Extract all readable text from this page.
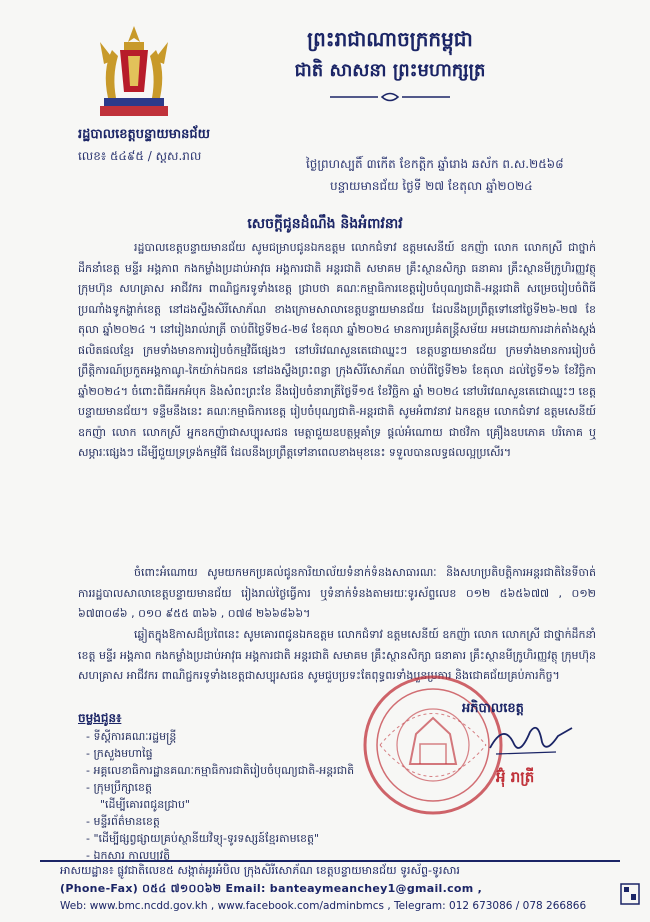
ព្រះរាជាណាចក្រកម្ពុជា
ជាតិ សាសនា ព្រះមហាក្សត្រ
រដ្ឋបាលខេត្តបន្ទាយមានជ័យ
លេខ៖ ៥៤៩៥ / ស្តស.រាល
ថ្ងៃព្រហស្បតិ៍ ៣កើត ខែកត្តិក ឆ្នាំរោង ឆស័ក ព.ស.២៥៦៨
បន្ទាយមានជ័យ ថ្ងៃទី ២៧ ខែតុលា ឆ្នាំ២០២៤
សេចក្តីជូនដំណឹង និងអំពាវនាវ
រដ្ឋបាលខេត្តបន្ទាយមានជ័យ សូមជម្រាបជូនឯកឧត្តម លោកជំទាវ ឧត្តមសេនីយ៍ ឧកញ៉ា លោក លោកស្រី ជាថ្នាក់ដឹកនាំខេត្ត មន្ទីរ អង្គភាព កងកម្លាំងប្រដាប់អាវុធ អង្គការជាតិ អន្តរជាតិ សមាគម គ្រឹះស្ថានសិក្សា ធនាគារ គ្រឹះស្ថានមីក្រូហិរញ្ញវត្ថុ ក្រុមហ៊ុន សហគ្រាស អាជីវករ ពាណិជ្ជករទូទាំងខេត្ត ជ្រាបថា គណៈកម្មាធិការខេត្តរៀបចំបុណ្យជាតិ-អន្តរជាតិ សម្រេចរៀបចំពិធីប្រណាំងទូកង្ហាក់ខេត្ត នៅដងស្ទឹងសិរីសោភ័ណ ខាងក្រោមសាលាខេត្តបន្ទាយមានជ័យ ដែលនឹងប្រព្រឹត្តទៅនៅថ្ងៃទី២៦-២៧ ខែតុលា ឆ្នាំ២០២៤ ។ នៅរៀងរាល់រាត្រី ចាប់ពីថ្ងៃទី២៤-២៨ ខែតុលា ឆ្នាំ២០២៤ មានការប្រគំតន្ត្រីសម័យ អមដោយការដាក់តាំងស្តង់ផលិតផលខ្មែរ ក្រមទាំងមានការរៀបចំកម្មវិធីផ្សេងៗ នៅបរិវេណសួនតេជោឈ្នះៗ ខេត្តបន្ទាយមានជ័យ ក្រមទាំងមានការរៀបចំព្រឹត្តិការណ៍ប្រកួតអង្គកាណូ-កៃយ៉ាក់ឯកជន នៅដងស្ទឹងព្រះពន្លា ក្រុងសិរីសោភ័ណ ចាប់ពីថ្ងៃទី២៦ ខែតុលា ដល់ថ្ងៃទី១៦ ខែវិច្ឆិកា ឆ្នាំ២០២៤។ ចំពោះពិធីអកអំបុក និងសំពះព្រះខែ នឹងរៀបចំនារាត្រីថ្ងៃទី១៥ ខែវិច្ឆិកា ឆ្នាំ ២០២៤ នៅបរិវេណសួនតេជោឈ្នះៗ ខេត្តបន្ទាយមានជ័យ។ ទន្ទឹមនឹងនេះ គណៈកម្មាធិការខេត្ត រៀបចំបុណ្យជាតិ-អន្តរជាតិ សូមអំពាវនាវ ឯកឧត្តម លោកជំទាវ ឧត្តមសេនីយ៍ ឧកញ៉ា លោក លោកស្រី អ្នកឧកញ៉ាជាសប្បុរសជន មេត្តាជួយឧបត្ថម្ភគាំទ្រ ផ្តល់អំណោយ ជាថវិកា គ្រឿងឧបភោគ បរិភោគ ឬសម្ភារៈផ្សេងៗ ដើម្បីជួយទ្រទ្រង់កម្មវិធី ដែលនឹងប្រព្រឹត្តទៅនាពេលខាងមុខនេះ ទទួលបានលទ្ធផលល្អប្រសើរ។
ចំពោះអំណោយ សូមយកមកប្រគល់ជូនការិយាល័យទំនាក់ទំនងសាធារណៈ និងសហប្រតិបត្តិការអន្តរជាតិនៃទីចាត់ការរដ្ឋបាលសាលាខេត្តបន្ទាយមានជ័យ រៀងរាល់ថ្ងៃធ្វើការ ឬទំនាក់ទំនងតាមរយៈទូរស័ព្ទលេខ ០១២ ៥៦៥៦៧៧ , ០១២ ៦៧៣០៨៦ , ០១០ ៩៥៥ ៣៦៦ , ០៧៨ ២៦៦៨៦៦។
ឆ្លៀតក្នុងឱកាសដ៏ប្រពៃនេះ សូមគោរពជូនឯកឧត្តម លោកជំទាវ ឧត្តមសេនីយ៍ ឧកញ៉ា លោក លោកស្រី ជាថ្នាក់ដឹកនាំខេត្ត មន្ទីរ អង្គភាព កងកម្លាំងប្រដាប់អាវុធ អង្គការជាតិ អន្តរជាតិ សមាគម គ្រឹះស្ថានសិក្សា ធនាគារ គ្រឹះស្ថានមីក្រូហិរញ្ញវត្ថុ ក្រុមហ៊ុន សហគ្រាស អាជីវករ ពាណិជ្ជករទូទាំងខេត្តជាសប្បុរសជន សូមជួបប្រទះតែពុទ្ធពរទាំងបួនប្រការ និងជោគជ័យគ្រប់ភារកិច្ច។
ចម្លងជូន៖
- ទីស្តីការគណៈរដ្ឋមន្ត្រី
- ក្រសួងមហាផ្ទៃ
- អគ្គលេខាធិការដ្ឋានគណៈកម្មាធិការជាតិរៀបចំបុណ្យជាតិ-អន្តរជាតិ
- ក្រុមប្រឹក្សាខេត្ត
"ដើម្បីគោរពជូនជ្រាប"
- មន្ទីរព័ត៌មានខេត្ត
- "ដើម្បីផ្សព្វផ្សាយគ្រប់ស្ថានីយវិទ្យុ-ទូរទស្សន៍ខ្មែរតាមខេត្ត"
- ឯកសារ កាលប្បវត្តិ
អភិបាលខេត្ត
អ៊ុំ រាត្រី
អាសយដ្ឋាន៖ ផ្លូវជាតិលេខ៥ សង្កាត់អូរអំបិល ក្រុងសិរីសោភ័ណ ខេត្តបន្ទាយមានជ័យ ទូរស័ព្ទ-ទូរសារ
(Phone-Fax) ០៥៤ ៧១០០៦២ Email: banteaymeanchey1@gmail.com ,
Web: www.bmc.ncdd.gov.kh , www.facebook.com/adminbmcs , Telegram: 012 673086 / 078 266866
